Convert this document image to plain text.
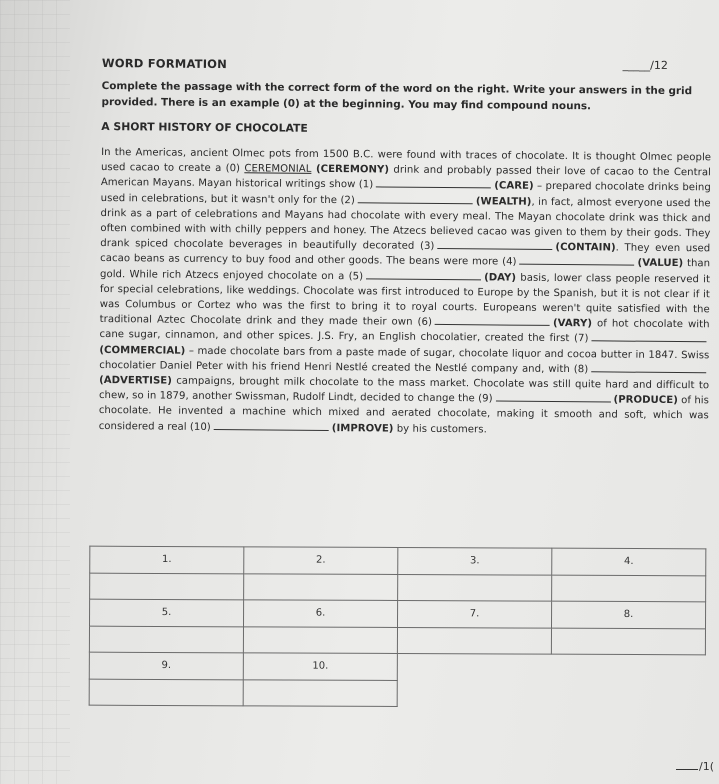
WORD FORMATION	_____/12
Complete the passage with the correct form of the word on the right. Write your answers in the grid provided. There is an example (0) at the beginning. You may find compound nouns.
A SHORT HISTORY OF CHOCOLATE
In the Americas, ancient Olmec pots from 1500 B.C. were found with traces of chocolate. It is thought Olmec people used cacao to create a (0) CEREMONIAL (CEREMONY) drink and probably passed their love of cacao to the Central American Mayans. Mayan historical writings show (1)	(CARE) – prepared chocolate drinks being used in celebrations, but it wasn't only for the (2)	(WEALTH), in fact, almost everyone used the drink as a part of celebrations and Mayans had chocolate with every meal. The Mayan chocolate drink was thick and often combined with with chilly peppers and honey. The Atzecs believed cacao was given to them by their gods. They drank spiced chocolate beverages in beautifully decorated (3)	(CONTAIN). They even used cacao beans as currency to buy food and other goods. The beans were more (4)	(VALUE) than gold. While rich Atzecs enjoyed chocolate on a (5)	(DAY) basis, lower class people reserved it for special celebrations, like weddings. Chocolate was first introduced to Europe by the Spanish, but it is not clear if it was Columbus or Cortez who was the first to bring it to royal courts. Europeans weren't quite satisfied with the traditional Aztec Chocolate drink and they made their own (6)	(VARY) of hot chocolate with cane sugar, cinnamon, and other spices. J.S. Fry, an English chocolatier, created the first (7)(COMMERCIAL) – made chocolate bars from a paste made of sugar, chocolate liquor and cocoa butter in 1847. Swiss chocolatier Daniel Peter with his friend Henri Nestlé created the Nestlé company and, with (8)(ADVERTISE) campaigns, brought milk chocolate to the mass market. Chocolate was still quite hard and difficult to chew, so in 1879, another Swissman, Rudolf Lindt, decided to change the (9)	(PRODUCE) of his chocolate. He invented a machine which mixed and aerated chocolate, making it smooth and soft, which was considered a real (10)	(IMPROVE) by his customers.
1.	2.	3.	4.

5.	6.	7.	8.

9.	10.		

/1(
